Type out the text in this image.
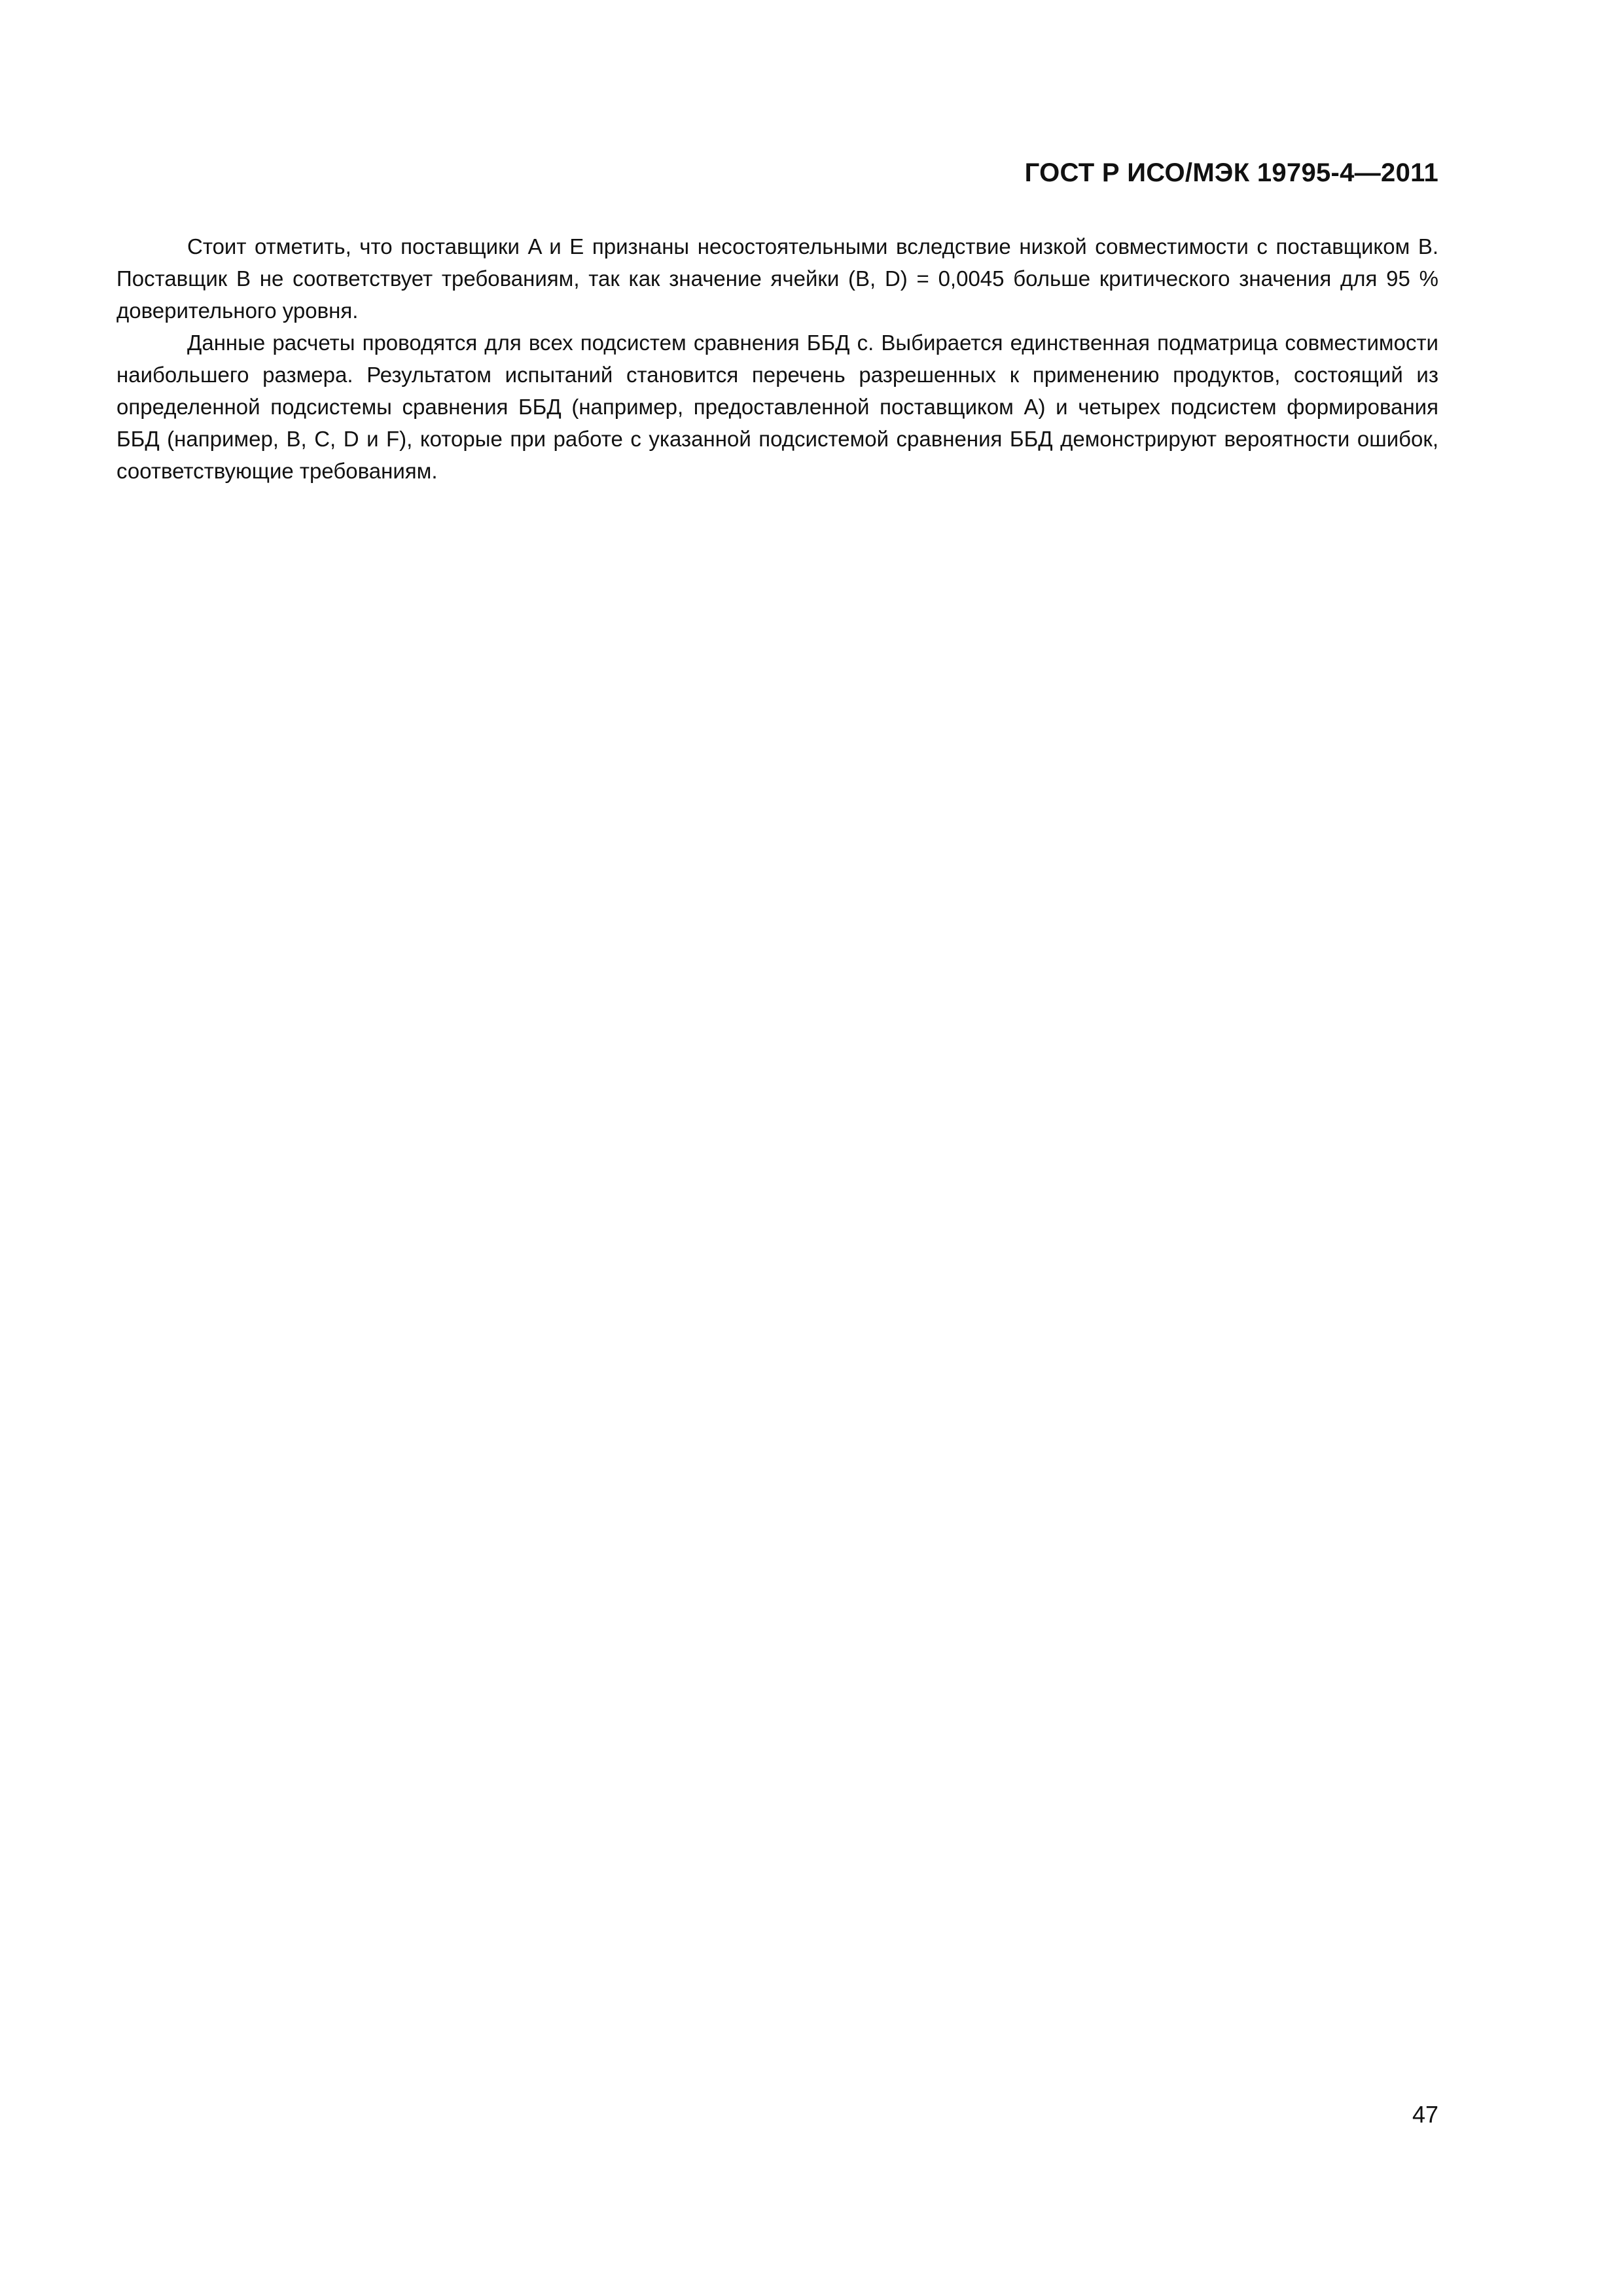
ГОСТ Р ИСО/МЭК 19795-4—2011

Стоит отметить, что поставщики A и E признаны несостоятельными вследствие низкой совместимости с поставщиком B. Поставщик B не соответствует требованиям, так как значение ячейки (B, D) = 0,0045 больше критического значения для 95 % доверительного уровня.

Данные расчеты проводятся для всех подсистем сравнения ББД c. Выбирается единственная подматрица совместимости наибольшего размера. Результатом испытаний становится перечень разрешенных к применению продуктов, состоящий из определенной подсистемы сравнения ББД (например, предоставленной поставщиком A) и четырех подсистем формирования ББД (например, B, C, D и F), которые при работе с указанной подсистемой сравнения ББД демонстрируют вероятности ошибок, соответствующие требованиям.

47
